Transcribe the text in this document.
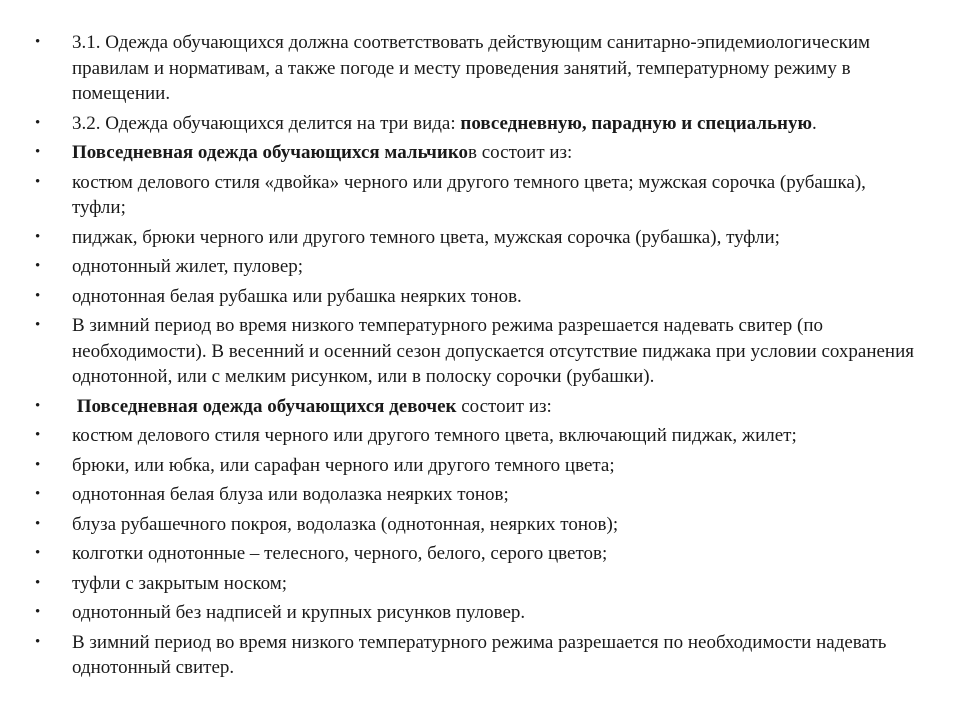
• 3.1. Одежда обучающихся должна соответствовать действующим санитарно-эпидемиологическим правилам и нормативам, а также погоде и месту проведения занятий, температурному режиму в помещении.
• 3.2. Одежда обучающихся делится на три вида: повседневную, парадную и специальную.
• Повседневная одежда обучающихся мальчиков состоит из:
• костюм делового стиля «двойка» черного или другого темного цвета; мужская сорочка (рубашка), туфли;
• пиджак, брюки черного или другого темного цвета, мужская сорочка (рубашка), туфли;
• однотонный жилет, пуловер;
• однотонная белая рубашка или рубашка неярких тонов.
• В зимний период во время низкого температурного режима разрешается надевать свитер (по необходимости). В весенний и осенний сезон допускается отсутствие пиджака при условии сохранения однотонной, или с мелким рисунком, или в полоску сорочки (рубашки).
• Повседневная одежда обучающихся девочек состоит из:
• костюм делового стиля черного или другого темного цвета, включающий пиджак, жилет;
• брюки, или юбка, или сарафан черного или другого темного цвета;
• однотонная белая блуза или водолазка неярких тонов;
• блуза рубашечного покроя, водолазка (однотонная, неярких тонов);
• колготки однотонные – телесного, черного, белого, серого цветов;
• туфли с закрытым носком;
• однотонный без надписей и крупных рисунков пуловер.
• В зимний период во время низкого температурного режима разрешается по необходимости надевать однотонный свитер.
